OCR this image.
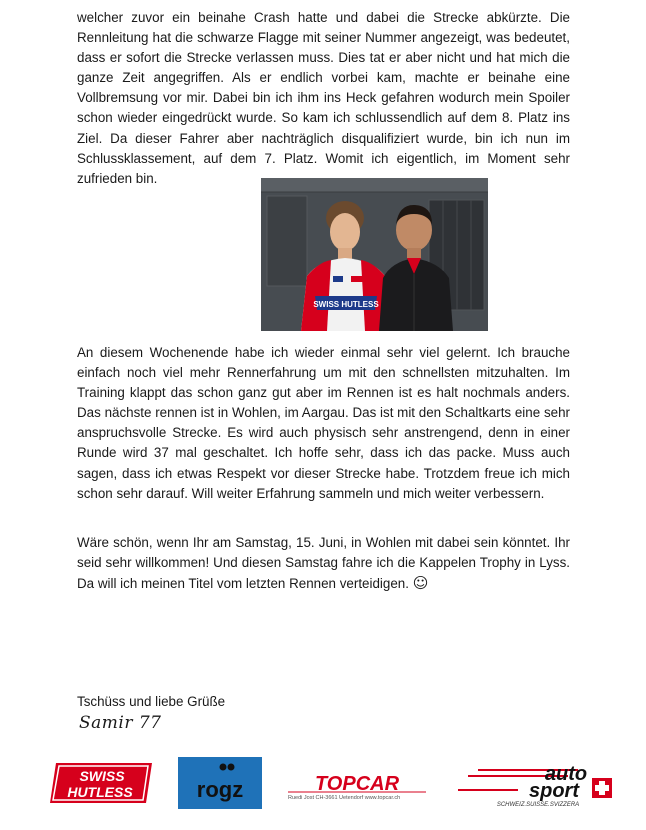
welcher zuvor ein beinahe Crash hatte und dabei die Strecke abkürzte. Die Rennleitung hat die schwarze Flagge mit seiner Nummer angezeigt, was bedeutet, dass er sofort die Strecke verlassen muss. Dies tat er aber nicht und hat mich die ganze Zeit angegriffen. Als er endlich vorbei kam, machte er beinahe eine Vollbremsung vor mir. Dabei bin ich ihm ins Heck gefahren wodurch mein Spoiler schon wieder eingedrückt wurde. So kam ich schlussendlich auf dem 8. Platz ins Ziel. Da dieser Fahrer aber nachträglich disqualifiziert wurde, bin ich nun im Schlussklassement, auf dem 7. Platz. Womit ich eigentlich, im Moment sehr zufrieden bin.

SWISS HUTLESS

An diesem Wochenende habe ich wieder einmal sehr viel gelernt. Ich brauche einfach noch viel mehr Rennerfahrung um mit den schnellsten mitzuhalten. Im Training klappt das schon ganz gut aber im Rennen ist es halt nochmals anders. Das nächste rennen ist in Wohlen, im Aargau. Das ist mit den Schaltkarts eine sehr anspruchsvolle Strecke. Es wird auch physisch sehr anstrengend, denn in einer Runde wird 37 mal geschaltet. Ich hoffe sehr, dass ich das packe. Muss auch sagen, dass ich etwas Respekt vor dieser Strecke habe. Trotzdem freue ich mich schon sehr darauf. Will weiter Erfahrung sammeln und mich weiter verbessern.

Wäre schön, wenn Ihr am Samstag, 15. Juni, in Wohlen mit dabei sein könntet. Ihr seid sehr willkommen! Und diesen Samstag fahre ich die Kappelen Trophy in Lyss. Da will ich meinen Titel vom letzten Rennen verteidigen. ☺

Tschüss und liebe Grüße

Samir 77

SWISS
HUTLESS	rogz	TOPCAR
Ruedi Jost CH-3661 Uetendorf www.topcar.ch
auto
sport
SCHWEIZ.SUISSE.SVIZZERA
